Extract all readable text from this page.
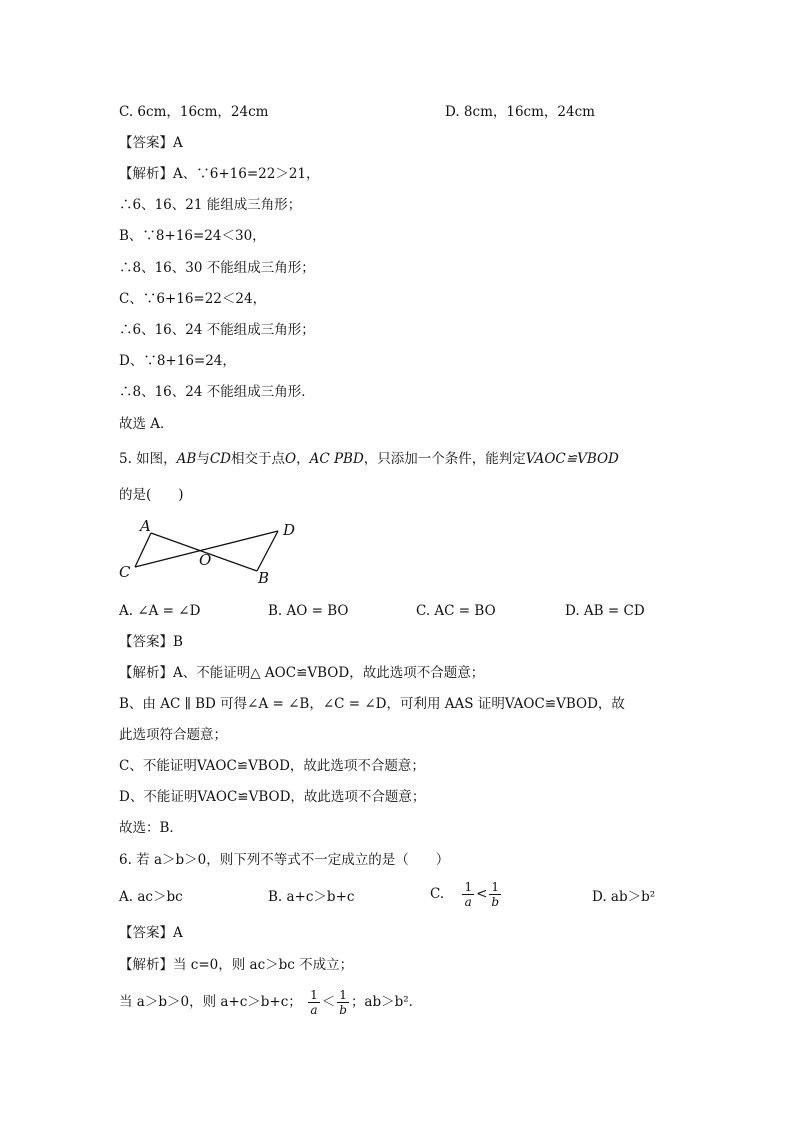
C. 6cm，16cm，24cm	D. 8cm，16cm，24cm
【答案】A
【解析】A、∵6+16=22＞21，
∴6、16、21 能组成三角形；
B、∵8+16=24＜30，
∴8、16、30 不能组成三角形；
C、∵6+16=22＜24，
∴6、16、24 不能组成三角形；
D、∵8+16=24，
∴8、16、24 不能组成三角形．
故选 A．
5. 如图，AB与CD相交于点O，AC PBD，只添加一个条件，能判定VAOC≌VBOD
的是(　　)
A
C
O
D
B
A. ∠A = ∠D	B. AO = BO	C. AC = BO	D. AB = CD
【答案】B
【解析】A、不能证明△ AOC≌VBOD，故此选项不合题意；
B、由 AC ∥ BD 可得∠A = ∠B，∠C = ∠D，可利用 AAS 证明VAOC≌VBOD，故
此选项符合题意；
C、不能证明VAOC≌VBOD，故此选项不合题意；
D、不能证明VAOC≌VBOD，故此选项不合题意；
故选：B．
6. 若 a＞b＞0，则下列不等式不一定成立的是（　　）
A. ac＞bc	B. a+c＞b+c	C. $\frac{1}{a} < \frac{1}{b}$	D. ab＞b²
【答案】A
【解析】当 c=0，则 ac＞bc 不成立；
当 a＞b＞0，则 a+c＞b+c； $\frac{1}{a} < \frac{1}{b}$ ；ab＞b²．
